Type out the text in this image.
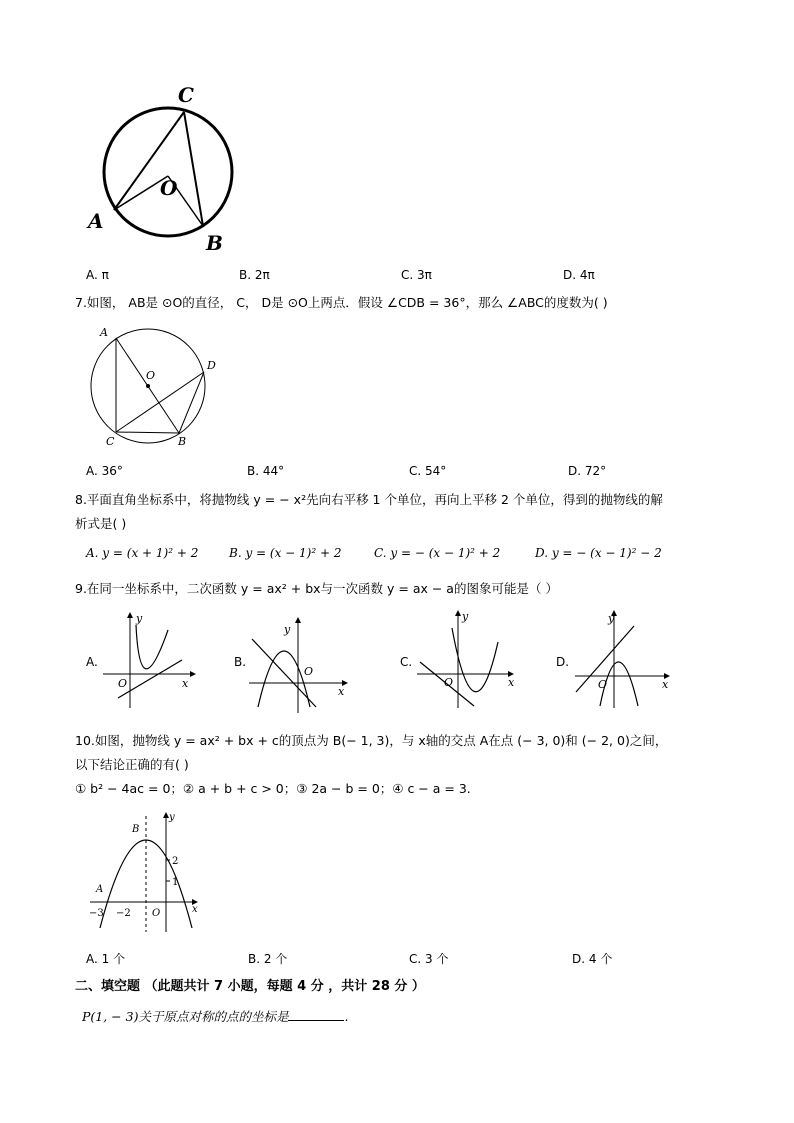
C
O
A
B
A. π	B. 2π	C. 3π	D. 4π
7.如图， AB是 ⊙O的直径， C， D是 ⊙O上两点．假设 ∠CDB = 36°，那么 ∠ABC的度数为( )
A
O
D
C	B
A. 36°	B. 44°	C. 54°	D. 72°
8.平面直角坐标系中，将抛物线 y = − x²先向右平移 1 个单位，再向上平移 2 个单位，得到的抛物线的解
析式是( )
A. y = (x + 1)² + 2	B. y = (x − 1)² + 2	C. y = − (x − 1)² + 2	D. y = − (x − 1)² − 2
9.在同一坐标系中，二次函数 y = ax² + bx与一次函数 y = ax − a的图象可能是（ ）
A.
y
x
O
B.
y
x
O
C.
y
x
O
D.
y
x
O
10.如图，抛物线 y = ax² + bx + c的顶点为 B(− 1, 3)，与 x轴的交点 A在点 (− 3, 0)和 (− 2, 0)之间，
以下结论正确的有( )
① b² − 4ac = 0；② a + b + c > 0；③ 2a − b = 0；④ c − a = 3.
y
B
2
1
A
−3 −2 O	x
A. 1 个	B. 2 个	C. 3 个	D. 4 个
二、填空题 （此题共计 7 小题，每题 4 分 ，共计 28 分 ）
P(1, − 3)关于原点对称的点的坐标是	.
